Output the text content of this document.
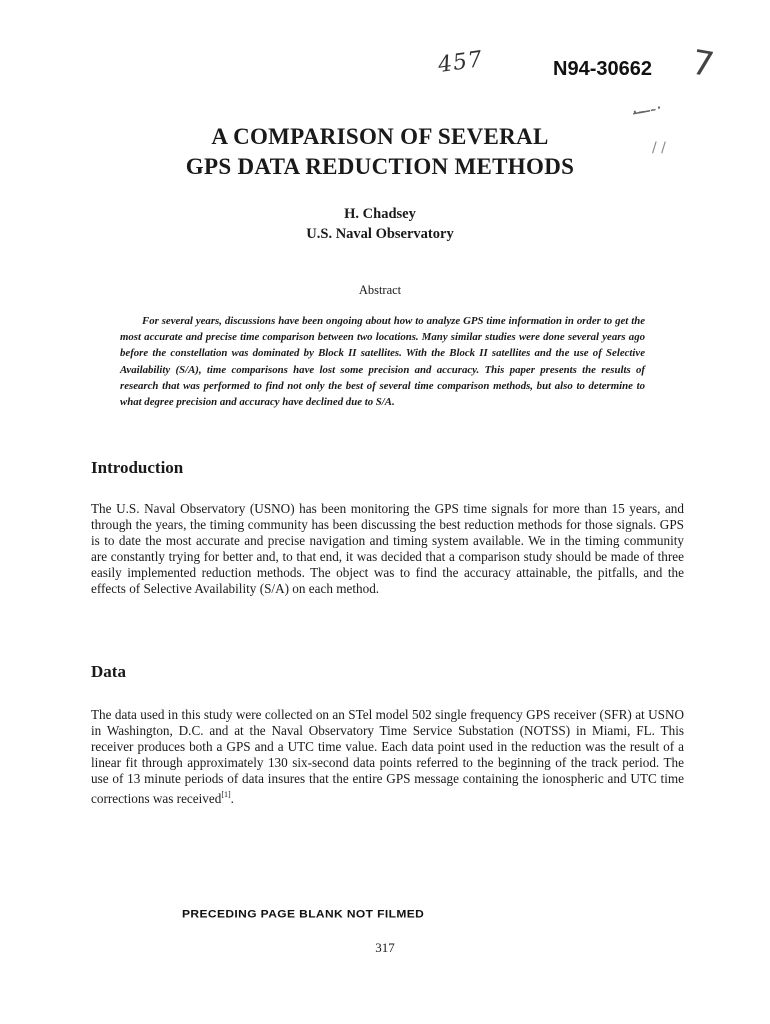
457	N94-30662 7
·-̶ ̶-·
/ /
A COMPARISON OF SEVERAL
GPS DATA REDUCTION METHODS
H. Chadsey
U.S. Naval Observatory
Abstract
For several years, discussions have been ongoing about how to analyze GPS time information in order to get the most accurate and precise time comparison between two locations. Many similar studies were done several years ago before the constellation was dominated by Block II satellites. With the Block II satellites and the use of Selective Availability (S/A), time comparisons have lost some precision and accuracy. This paper presents the results of research that was performed to find not only the best of several time comparison methods, but also to determine to what degree precision and accuracy have declined due to S/A.
Introduction
The U.S. Naval Observatory (USNO) has been monitoring the GPS time signals for more than 15 years, and through the years, the timing community has been discussing the best reduction methods for those signals. GPS is to date the most accurate and precise navigation and timing system available. We in the timing community are constantly trying for better and, to that end, it was decided that a comparison study should be made of three easily implemented reduction methods. The object was to find the accuracy attainable, the pitfalls, and the effects of Selective Availability (S/A) on each method.
Data
The data used in this study were collected on an STel model 502 single frequency GPS receiver (SFR) at USNO in Washington, D.C. and at the Naval Observatory Time Service Substation (NOTSS) in Miami, FL. This receiver produces both a GPS and a UTC time value. Each data point used in the reduction was the result of a linear fit through approximately 130 six-second data points referred to the beginning of the track period. The use of 13 minute periods of data insures that the entire GPS message containing the ionospheric and UTC time corrections was received[1].
PRECEDING PAGE BLANK NOT FILMED
317
